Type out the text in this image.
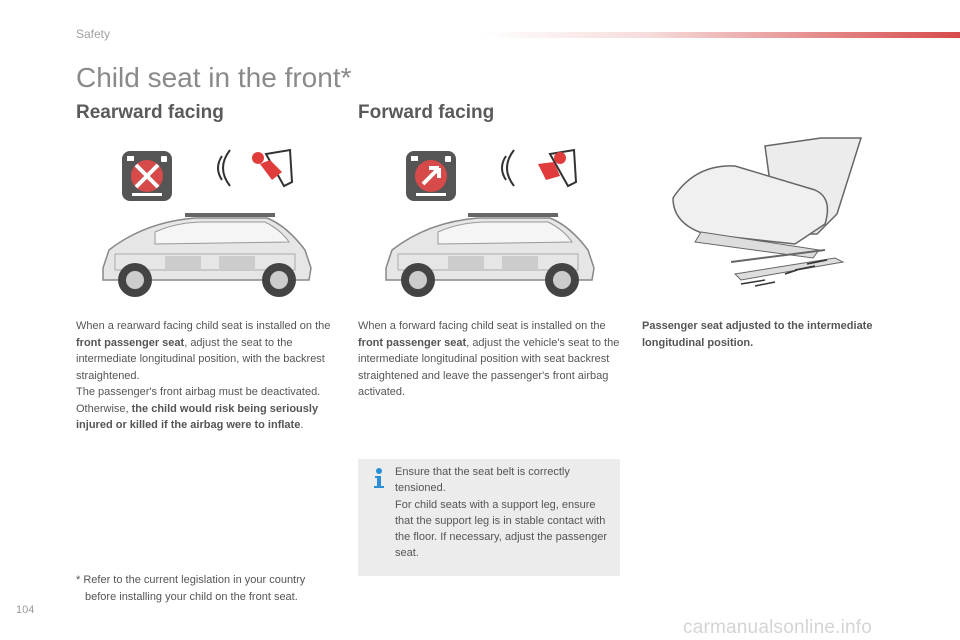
Safety
Child seat in the front*
Rearward facing	Forward facing

When a rearward facing child seat is installed on the front passenger seat, adjust the seat to the intermediate longitudinal position, with the backrest straightened.
The passenger's front airbag must be deactivated. Otherwise, the child would risk being seriously injured or killed if the airbag were to inflate.

When a forward facing child seat is installed on the front passenger seat, adjust the vehicle's seat to the intermediate longitudinal position with seat backrest straightened and leave the passenger's front airbag activated.

Passenger seat adjusted to the intermediate longitudinal position.

Ensure that the seat belt is correctly tensioned.
For child seats with a support leg, ensure that the support leg is in stable contact with the floor. If necessary, adjust the passenger seat.

* Refer to the current legislation in your country
before installing your child on the front seat.

104
carmanualsonline.info
